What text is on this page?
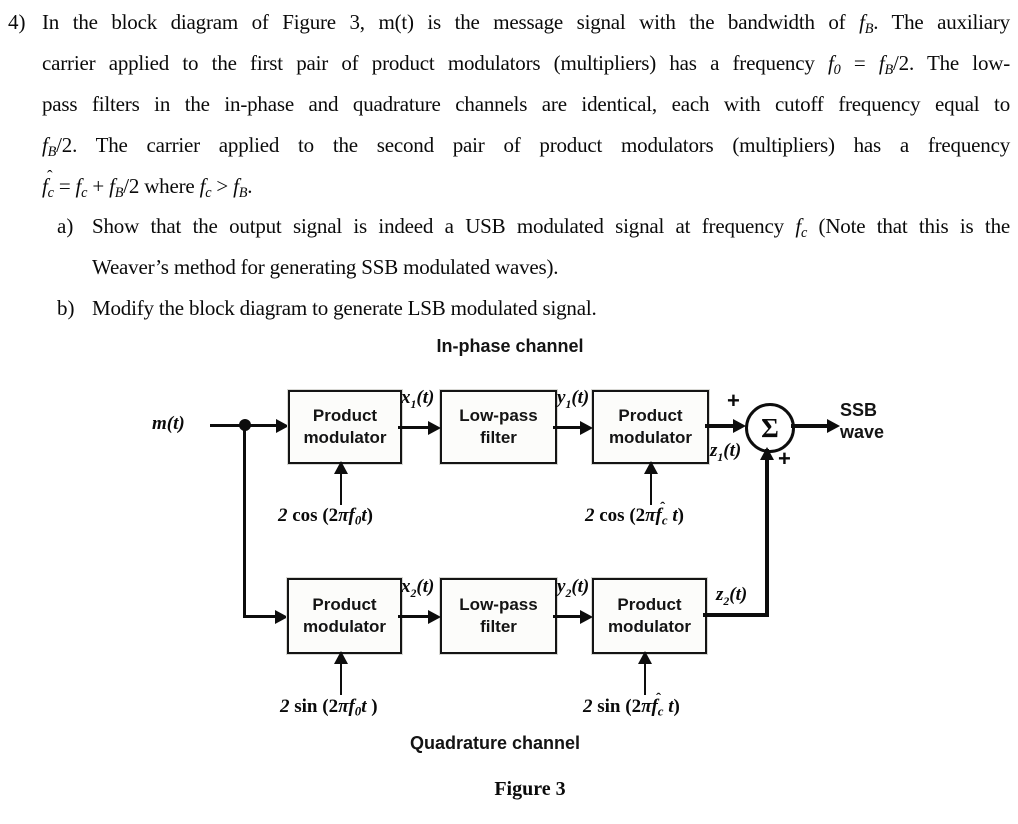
4) In the block diagram of Figure 3, m(t) is the message signal with the bandwidth of fB. The auxiliary
carrier applied to the first pair of product modulators (multipliers) has a frequency f0 = fB/2. The low-
pass filters in the in-phase and quadrature channels are identical, each with cutoff frequency equal to
fB/2. The carrier applied to the second pair of product modulators (multipliers) has a frequency
f ˆc = fc + fB/2 where fc > fB.
a) Show that the output signal is indeed a USB modulated signal at frequency fc (Note that this is the
Weaver’s method for generating SSB modulated waves).
b) Modify the block diagram to generate LSB modulated signal.
In-phase channel
Quadrature channel
Figure 3
m(t)	Product
modulator
Low-pass
filter
Product
modulator
$x_1(t)$	$y_1(t)$
$z_1(t)$
+
Σ
+
SSB
wave
2 cos (2πf0t)	2 cos (2πf ˆc t)
Product
modulator
Low-pass
filter
Product
modulator
$x_2(t)$	$y_2(t)$	$z_2(t)$
2 sin (2πf0t )	2 sin (2πf ˆc t)
